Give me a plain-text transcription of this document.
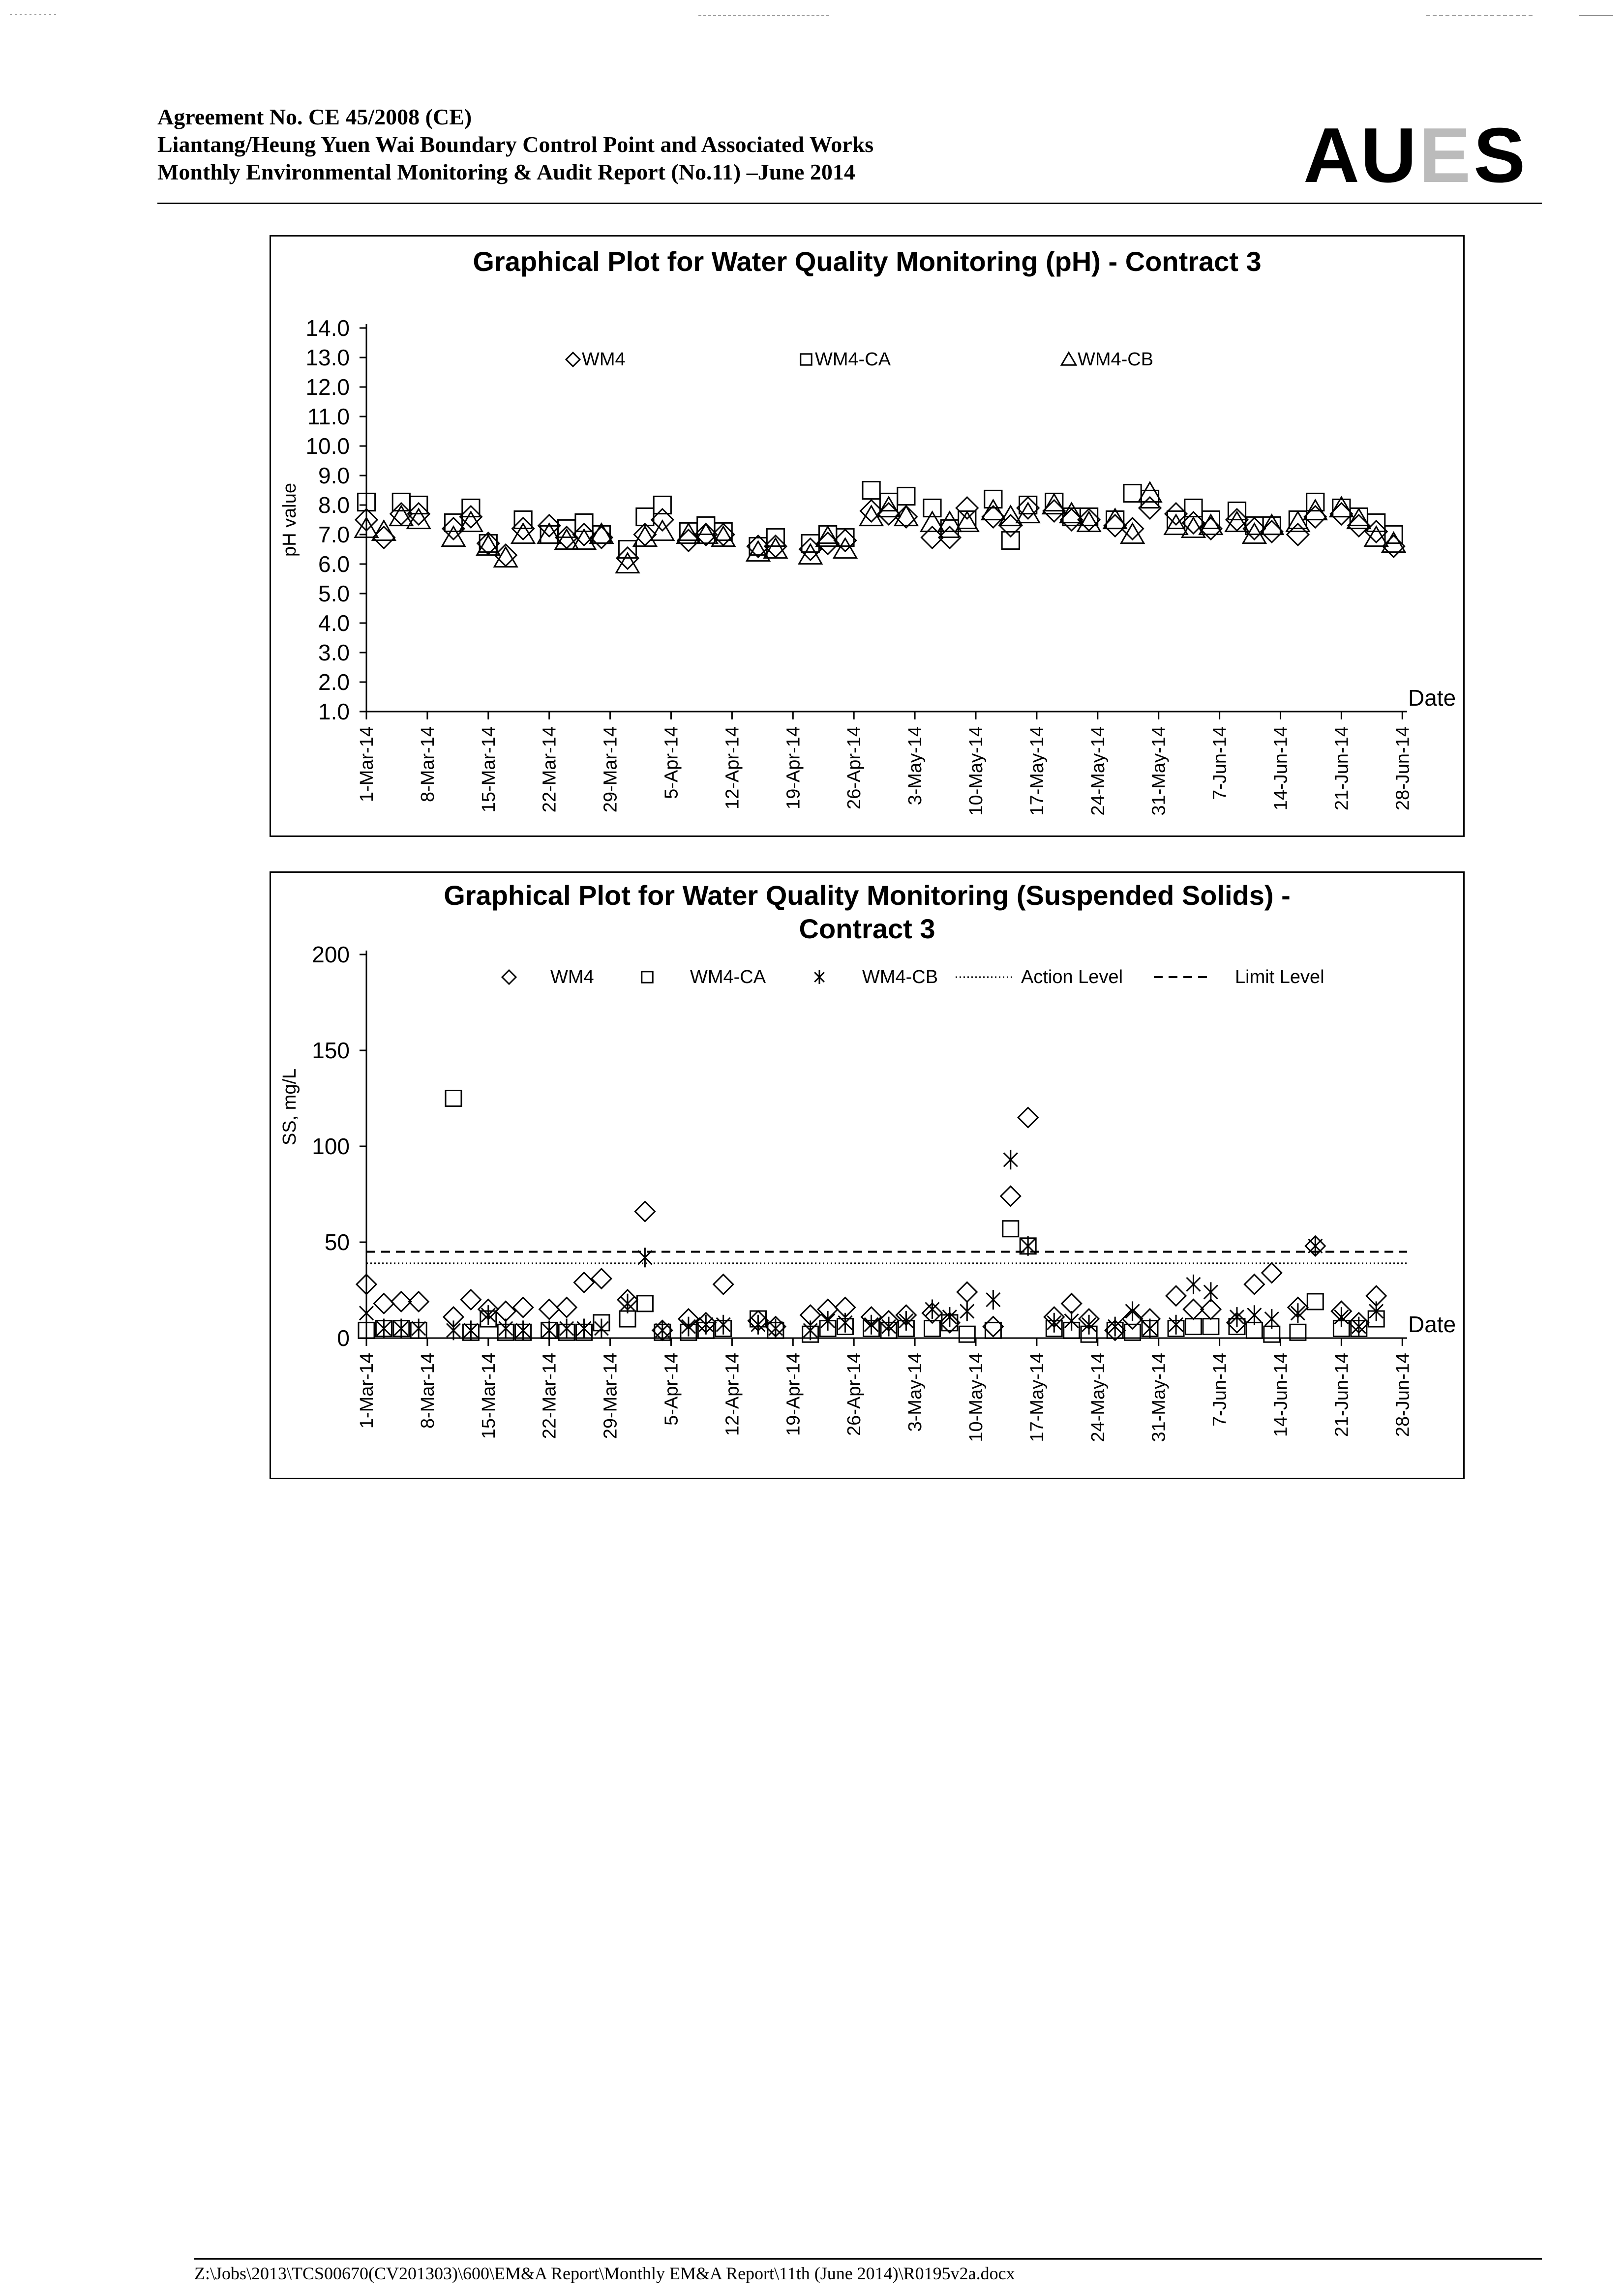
Agreement No. CE 45/2008 (CE)

Liantang/Heung Yuen Wai Boundary Control Point and Associated Works

Monthly Environmental Monitoring & Audit Report (No.11) –June 2014	AU E S
Graphical Plot for Water Quality Monitoring (pH) - Contract 3
14.0
13.0
12.0
11.0
10.0
9.0
8.0
7.0
6.0
5.0
4.0
3.0
2.0
1.0
pH value
1-Mar-14 8-Mar-14 15-Mar-14 22-Mar-14 29-Mar-14 5-Apr-14 12-Apr-14 19-Apr-14 26-Apr-14 3-May-14 10-May-14 17-May-14 24-May-14 31-May-14 7-Jun-14 14-Jun-14 21-Jun-14 28-Jun-14
Date
WM4	WM4-CA	WM4-CB
Graphical Plot for Water Quality Monitoring (Suspended Solids) -
Contract 3
200
150
100
50
0
SS, mg/L
1-Mar-14 8-Mar-14 15-Mar-14 22-Mar-14 29-Mar-14 5-Apr-14 12-Apr-14 19-Apr-14 26-Apr-14 3-May-14 10-May-14 17-May-14 24-May-14 31-May-14 7-Jun-14 14-Jun-14 21-Jun-14 28-Jun-14
Date
WM4	WM4-CA	WM4-CB	Action Level	Limit Level
Z:\Jobs\2013\TCS00670(CV201303)\600\EM&A Report\Monthly EM&A Report\11th (June 2014)\R0195v2a.docx
